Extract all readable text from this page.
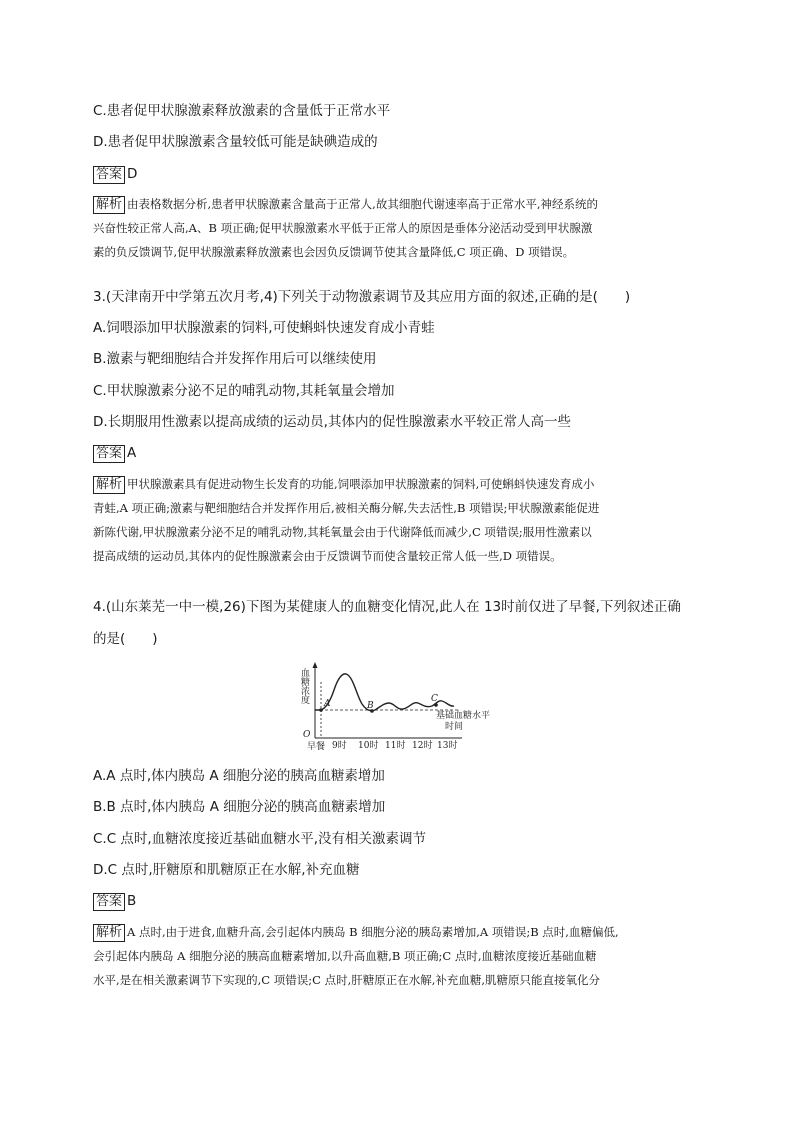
C.患者促甲状腺激素释放激素的含量低于正常水平
D.患者促甲状腺激素含量较低可能是缺碘造成的
答案 D

解析 由表格数据分析,患者甲状腺激素含量高于正常人,故其细胞代谢速率高于正常水平,神经系统的

兴奋性较正常人高,A、B 项正确;促甲状腺激素水平低于正常人的原因是垂体分泌活动受到甲状腺激

素的负反馈调节,促甲状腺激素释放激素也会因负反馈调节使其含量降低,C 项正确、D 项错误。

3.(天津南开中学第五次月考,4)下列关于动物激素调节及其应用方面的叙述,正确的是(　　)
A.饲喂添加甲状腺激素的饲料,可使蝌蚪快速发育成小青蛙
B.激素与靶细胞结合并发挥作用后可以继续使用
C.甲状腺激素分泌不足的哺乳动物,其耗氧量会增加
D.长期服用性激素以提高成绩的运动员,其体内的促性腺激素水平较正常人高一些
答案 A

解析 甲状腺激素具有促进动物生长发育的功能,饲喂添加甲状腺激素的饲料,可使蝌蚪快速发育成小

青蛙,A 项正确;激素与靶细胞结合并发挥作用后,被相关酶分解,失去活性,B 项错误;甲状腺激素能促进

新陈代谢,甲状腺激素分泌不足的哺乳动物,其耗氧量会由于代谢降低而减少,C 项错误;服用性激素以

提高成绩的运动员,其体内的促性腺激素会由于反馈调节而使含量较正常人低一些,D 项错误。

4.(山东莱芜一中一模,26)下图为某健康人的血糖变化情况,此人在 13时前仅进了早餐,下列叙述正确
的是(　　)
A	B
C
血糖浓度
基础血糖水平
时间
O
早餐 9时 10时 11时 12时 13时
A.A 点时,体内胰岛 A 细胞分泌的胰高血糖素增加
B.B 点时,体内胰岛 A 细胞分泌的胰高血糖素增加
C.C 点时,血糖浓度接近基础血糖水平,没有相关激素调节
D.C 点时,肝糖原和肌糖原正在水解,补充血糖
答案 B

解析 A 点时,由于进食,血糖升高,会引起体内胰岛 B 细胞分泌的胰岛素增加,A 项错误;B 点时,血糖偏低,

会引起体内胰岛 A 细胞分泌的胰高血糖素增加,以升高血糖,B 项正确;C 点时,血糖浓度接近基础血糖

水平,是在相关激素调节下实现的,C 项错误;C 点时,肝糖原正在水解,补充血糖,肌糖原只能直接氧化分
